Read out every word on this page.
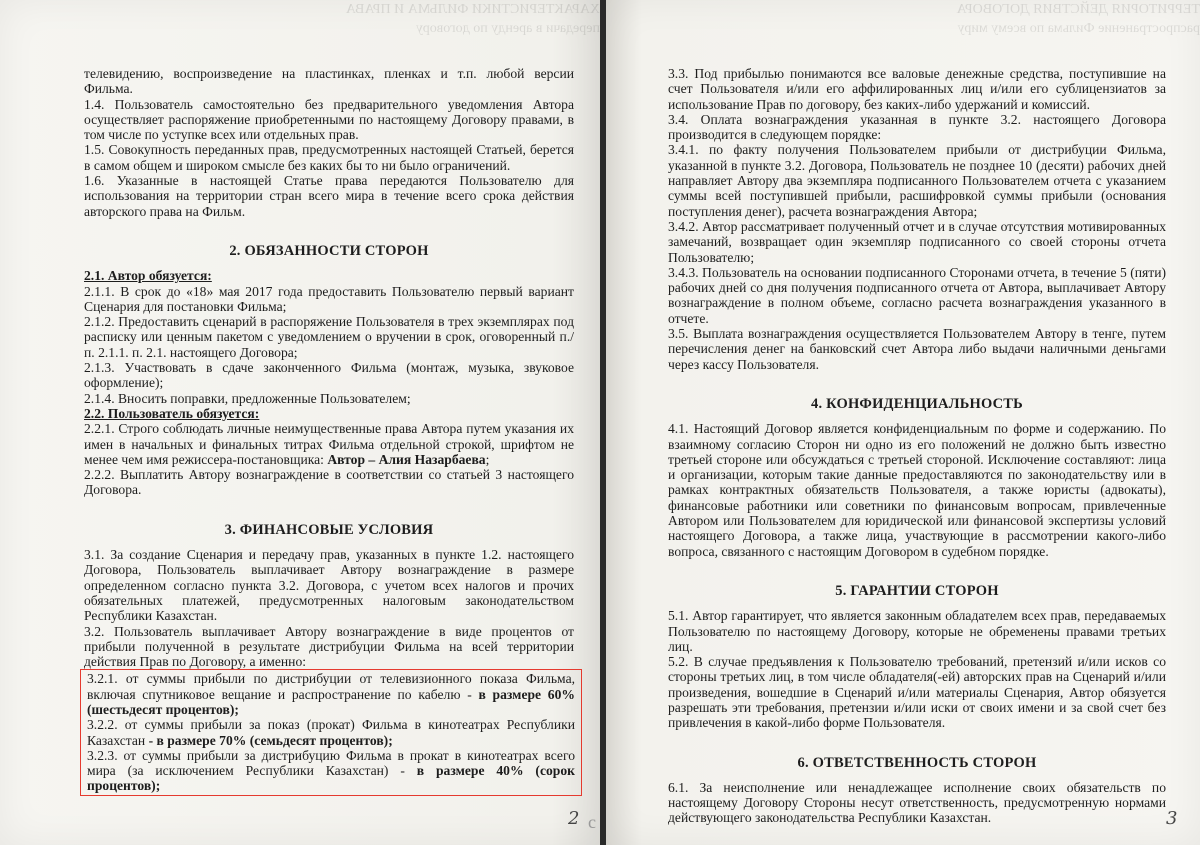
ХАРАКТЕРИСТИКИ ФИЛЬМА И ПРАВА
передачи в аренду по договору

телевидению, воспроизведение на пластинках, пленках и т.п. любой версии Фильма.

1.4. Пользователь самостоятельно без предварительного уведомления Автора осуществляет распоряжение приобретенными по настоящему Договору правами, в том числе по уступке всех или отдельных прав.

1.5. Совокупность переданных прав, предусмотренных настоящей Статьей, берется в самом общем и широком смысле без каких бы то ни было ограничений.

1.6. Указанные в настоящей Статье права передаются Пользователю для использования на территории стран всего мира в течение всего срока действия авторского права на Фильм.

2. ОБЯЗАННОСТИ СТОРОН

2.1. Автор обязуется:

2.1.1. В срок до «18» мая 2017 года предоставить Пользователю первый вариант Сценария для постановки Фильма;

2.1.2. Предоставить сценарий в распоряжение Пользователя в трех экземплярах под расписку или ценным пакетом с уведомлением о вручении в срок, оговоренный п./п. 2.1.1. п. 2.1. настоящего Договора;

2.1.3. Участвовать в сдаче законченного Фильма (монтаж, музыка, звуковое оформление);

2.1.4. Вносить поправки, предложенные Пользователем;

2.2. Пользователь обязуется:

2.2.1. Строго соблюдать личные неимущественные права Автора путем указания их имен в начальных и финальных титрах Фильма отдельной строкой, шрифтом не менее чем имя режиссера-постановщика: Автор – Алия Назарбаева;

2.2.2. Выплатить Автору вознаграждение в соответствии со статьей 3 настоящего Договора.

3. ФИНАНСОВЫЕ УСЛОВИЯ

3.1. За создание Сценария и передачу прав, указанных в пункте 1.2. настоящего Договора, Пользователь выплачивает Автору вознаграждение в размере определенном согласно пункта 3.2. Договора, с учетом всех налогов и прочих обязательных платежей, предусмотренных налоговым законодательством Республики Казахстан.

3.2. Пользователь выплачивает Автору вознаграждение в виде процентов от прибыли полученной в результате дистрибуции Фильма на всей территории действия Прав по Договору, а именно:

3.2.1. от суммы прибыли по дистрибуции от телевизионного показа Фильма, включая спутниковое вещание и распространение по кабелю - в размере 60% (шестьдесят процентов);

3.2.2. от суммы прибыли за показ (прокат) Фильма в кинотеатрах Республики Казахстан - в размере 70% (семьдесят процентов);

3.2.3. от суммы прибыли за дистрибуцию Фильма в прокат в кинотеатрах всего мира (за исключением Республики Казахстан) - в размере 40% (сорок процентов);

2 с
ТЕРРИТОРИЯ ДЕЙСТВИЯ ДОГОВОРА
распространение Фильма по всему миру

3.3. Под прибылью понимаются все валовые денежные средства, поступившие на счет Пользователя и/или его аффилированных лиц и/или его сублицензиатов за использование Прав по договору, без каких-либо удержаний и комиссий.

3.4. Оплата вознаграждения указанная в пункте 3.2. настоящего Договора производится в следующем порядке:

3.4.1. по факту получения Пользователем прибыли от дистрибуции Фильма, указанной в пункте 3.2. Договора, Пользователь не позднее 10 (десяти) рабочих дней направляет Автору два экземпляра подписанного Пользователем отчета с указанием суммы всей поступившей прибыли, расшифровкой суммы прибыли (основания поступления денег), расчета вознаграждения Автора;

3.4.2. Автор рассматривает полученный отчет и в случае отсутствия мотивированных замечаний, возвращает один экземпляр подписанного со своей стороны отчета Пользователю;

3.4.3. Пользователь на основании подписанного Сторонами отчета, в течение 5 (пяти) рабочих дней со дня получения подписанного отчета от Автора, выплачивает Автору вознаграждение в полном объеме, согласно расчета вознаграждения указанного в отчете.

3.5. Выплата вознаграждения осуществляется Пользователем Автору в тенге, путем перечисления денег на банковский счет Автора либо выдачи наличными деньгами через кассу Пользователя.

4. КОНФИДЕНЦИАЛЬНОСТЬ

4.1. Настоящий Договор является конфиденциальным по форме и содержанию. По взаимному согласию Сторон ни одно из его положений не должно быть известно третьей стороне или обсуждаться с третьей стороной. Исключение составляют: лица и организации, которым такие данные предоставляются по законодательству или в рамках контрактных обязательств Пользователя, а также юристы (адвокаты), финансовые работники или советники по финансовым вопросам, привлеченные Автором или Пользователем для юридической или финансовой экспертизы условий настоящего Договора, а также лица, участвующие в рассмотрении какого-либо вопроса, связанного с настоящим Договором в судебном порядке.

5. ГАРАНТИИ СТОРОН

5.1. Автор гарантирует, что является законным обладателем всех прав, передаваемых Пользователю по настоящему Договору, которые не обременены правами третьих лиц.

5.2. В случае предъявления к Пользователю требований, претензий и/или исков со стороны третьих лиц, в том числе обладателя(-ей) авторских прав на Сценарий и/или произведения, вошедшие в Сценарий и/или материалы Сценария, Автор обязуется разрешать эти требования, претензии и/или иски от своих имени и за свой счет без привлечения в какой-либо форме Пользователя.

6. ОТВЕТСТВЕННОСТЬ СТОРОН

6.1. За неисполнение или ненадлежащее исполнение своих обязательств по настоящему Договору Стороны несут ответственность, предусмотренную нормами действующего законодательства Республики Казахстан.	3
